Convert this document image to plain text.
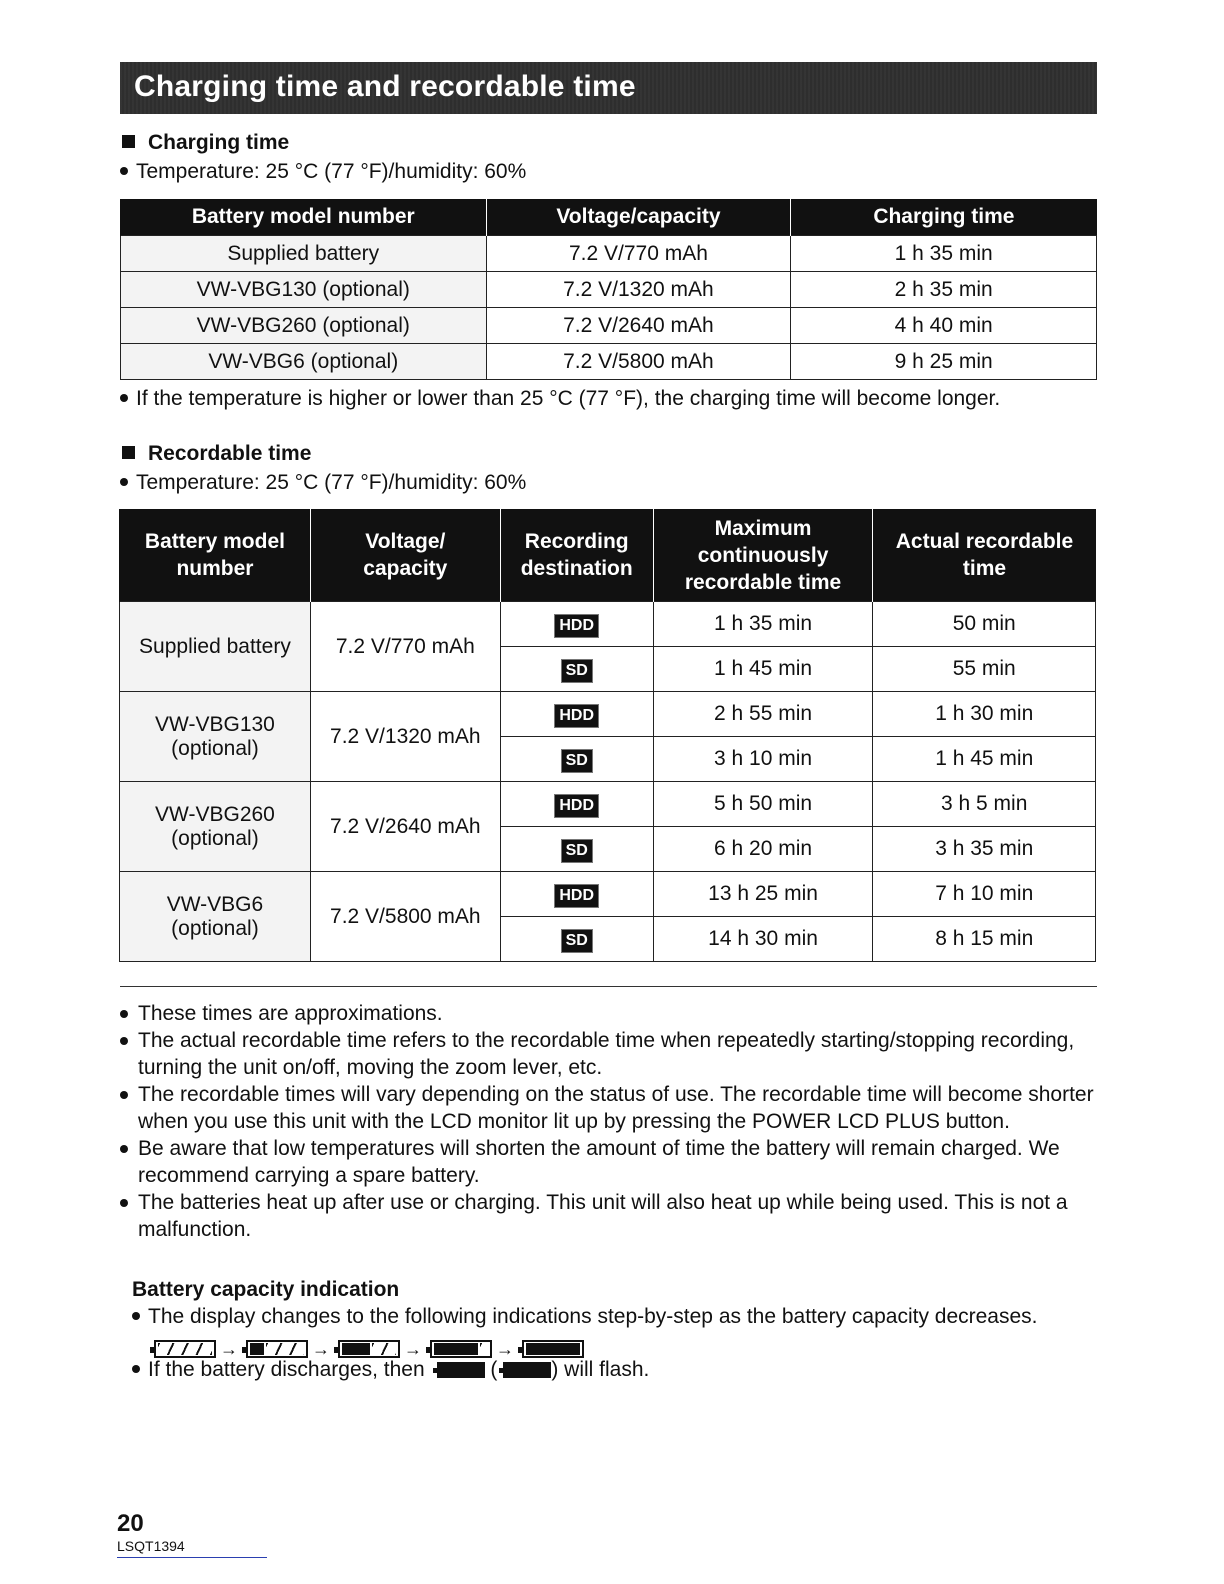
Charging time and recordable time
Charging time
Temperature: 25 °C (77 °F)/humidity: 60%
Battery model number	Voltage/capacity	Charging time
Supplied battery	7.2 V/770 mAh	1 h 35 min
VW-VBG130 (optional)	7.2 V/1320 mAh	2 h 35 min
VW-VBG260 (optional)	7.2 V/2640 mAh	4 h 40 min
VW-VBG6 (optional)	7.2 V/5800 mAh	9 h 25 min
If the temperature is higher or lower than 25 °C (77 °F), the charging time will become longer.
Recordable time
Temperature: 25 °C (77 °F)/humidity: 60%
Battery model number	Voltage/ capacity	Recording destination	Maximum continuously recordable time	Actual recordable time
Supplied battery	7.2 V/770 mAh	HDD	1 h 35 min	50 min
		SD	1 h 45 min	55 min
VW-VBG130 (optional)	7.2 V/1320 mAh	HDD	2 h 55 min	1 h 30 min
		SD	3 h 10 min	1 h 45 min
VW-VBG260 (optional)	7.2 V/2640 mAh	HDD	5 h 50 min	3 h 5 min
		SD	6 h 20 min	3 h 35 min
VW-VBG6 (optional)	7.2 V/5800 mAh	HDD	13 h 25 min	7 h 10 min
		SD	14 h 30 min	8 h 15 min

These times are approximations.

The actual recordable time refers to the recordable time when repeatedly starting/stopping recording, turning the unit on/off, moving the zoom lever, etc.

The recordable times will vary depending on the status of use. The recordable time will become shorter when you use this unit with the LCD monitor lit up by pressing the POWER LCD PLUS button.

Be aware that low temperatures will shorten the amount of time the battery will remain charged. We recommend carrying a spare battery.

The batteries heat up after use or charging. This unit will also heat up while being used. This is not a malfunction.

Battery capacity indication
The display changes to the following indications step-by-step as the battery capacity decreases.
→	→	→	→
If the battery discharges, then	(	) will flash.
20
LSQT1394
